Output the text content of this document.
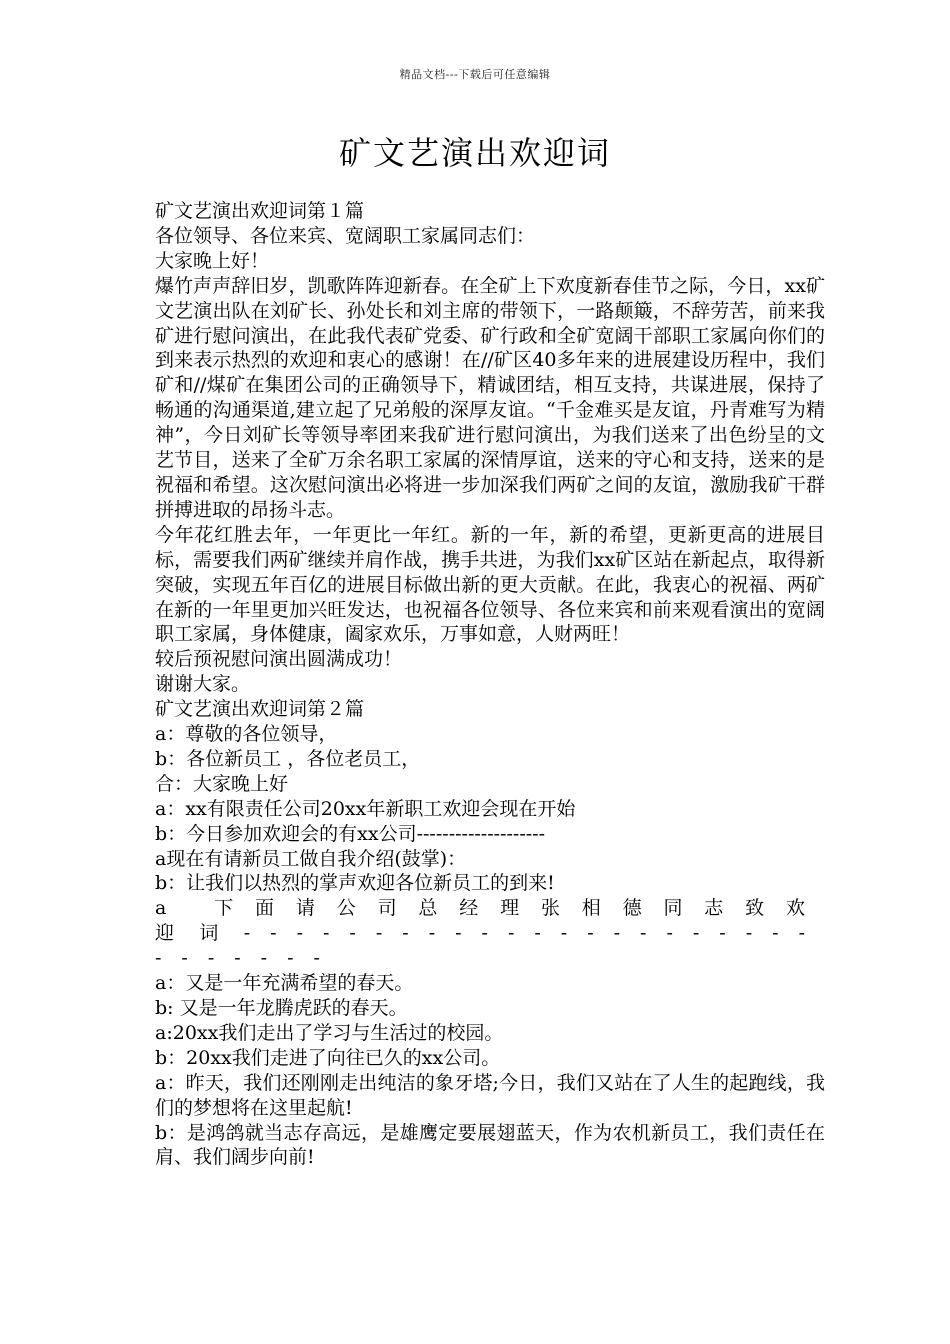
精品文档---下载后可任意编辑
矿文艺演出欢迎词

矿文艺演出欢迎词第１篇

各位领导、各位来宾、宽阔职工家属同志们：

大家晚上好！

爆竹声声辞旧岁，凯歌阵阵迎新春。在全矿上下欢度新春佳节之际，今日，xx矿文艺演出队在刘矿长、孙处长和刘主席的带领下，一路颠簸，不辞劳苦，前来我矿进行慰问演出，在此我代表矿党委、矿行政和全矿宽阔干部职工家属向你们的到来表示热烈的欢迎和衷心的感谢！在//矿区40多年来的进展建设历程中，我们矿和//煤矿在集团公司的正确领导下，精诚团结，相互支持，共谋进展，保持了畅通的沟通渠道,建立起了兄弟般的深厚友谊。“千金难买是友谊，丹青难写为精神”，今日刘矿长等领导率团来我矿进行慰问演出，为我们送来了出色纷呈的文艺节目，送来了全矿万余名职工家属的深情厚谊，送来的守心和支持，送来的是祝福和希望。这次慰问演出必将进一步加深我们两矿之间的友谊，激励我矿干群拼搏进取的昂扬斗志。

今年花红胜去年，一年更比一年红。新的一年，新的希望，更新更高的进展目标，需要我们两矿继续并肩作战，携手共进，为我们xx矿区站在新起点，取得新突破，实现五年百亿的进展目标做出新的更大贡献。在此，我衷心的祝福、两矿在新的一年里更加兴旺发达，也祝福各位领导、各位来宾和前来观看演出的宽阔职工家属，身体健康，阖家欢乐，万事如意，人财两旺！

较后预祝慰问演出圆满成功！

谢谢大家。

矿文艺演出欢迎词第２篇

a：尊敬的各位领导，

b：各位新员工 ，各位老员工，

合：大家晚上好

a：xx有限责任公司20xx年新职工欢迎会现在开始

b：今日参加欢迎会的有xx公司--------------------

a现在有请新员工做自我介绍(鼓掌)：

b：让我们以热烈的掌声欢迎各位新员工的到来!

a 下面请公司总经理张相德同志致欢迎词-----------------------------

a：又是一年充满希望的春天。

b: 又是一年龙腾虎跃的春天。

a:20xx我们走出了学习与生活过的校园。

b：20xx我们走进了向往已久的xx公司。

a：昨天，我们还刚刚走出纯洁的象牙塔;今日，我们又站在了人生的起跑线，我们的梦想将在这里起航!

b：是鸿鸽就当志存高远，是雄鹰定要展翅蓝天，作为农机新员工，我们责任在肩、我们阔步向前!
